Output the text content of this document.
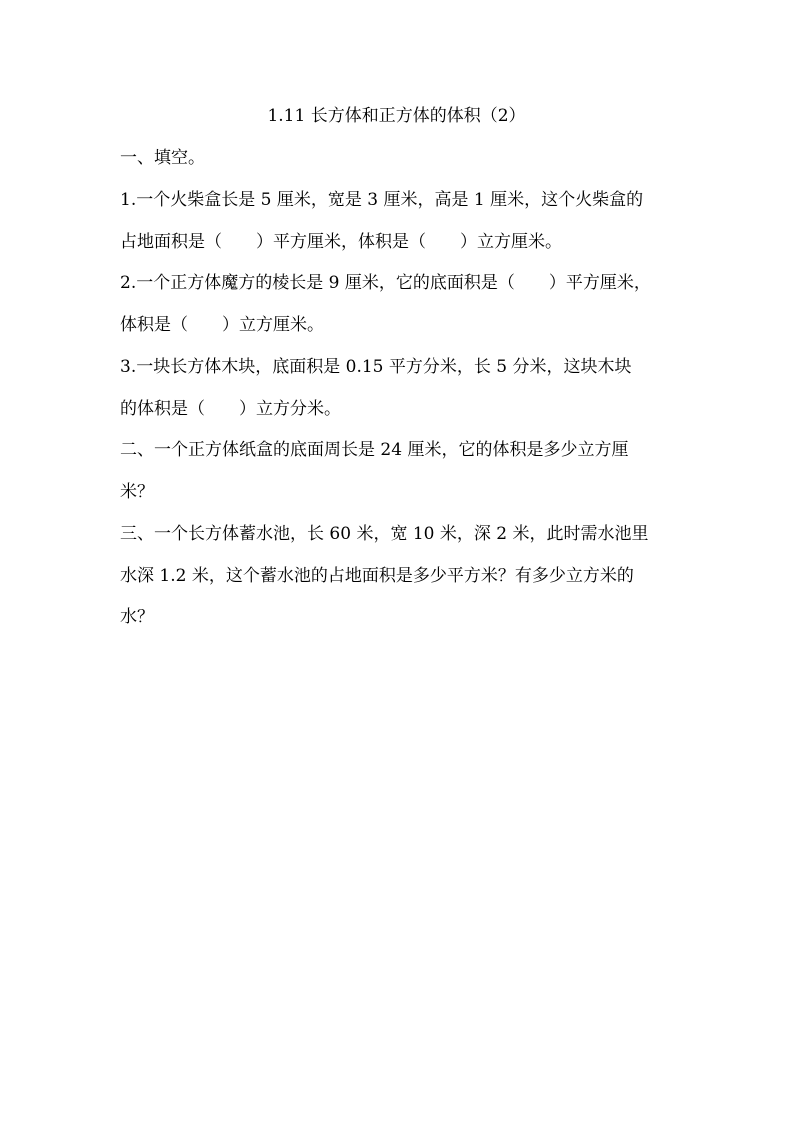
1.11 长方体和正方体的体积（2）
一、填空。
1.一个火柴盒长是 5 厘米，宽是 3 厘米，高是 1 厘米，这个火柴盒的
占地面积是（　　）平方厘米，体积是（　　）立方厘米。
2.一个正方体魔方的棱长是 9 厘米，它的底面积是（　　）平方厘米，
体积是（　　）立方厘米。
3.一块长方体木块，底面积是 0.15 平方分米，长 5 分米，这块木块
的体积是（　　）立方分米。
二、一个正方体纸盒的底面周长是 24 厘米，它的体积是多少立方厘
米？
三、一个长方体蓄水池，长 60 米，宽 10 米，深 2 米，此时需水池里
水深 1.2 米，这个蓄水池的占地面积是多少平方米？有多少立方米的
水？
